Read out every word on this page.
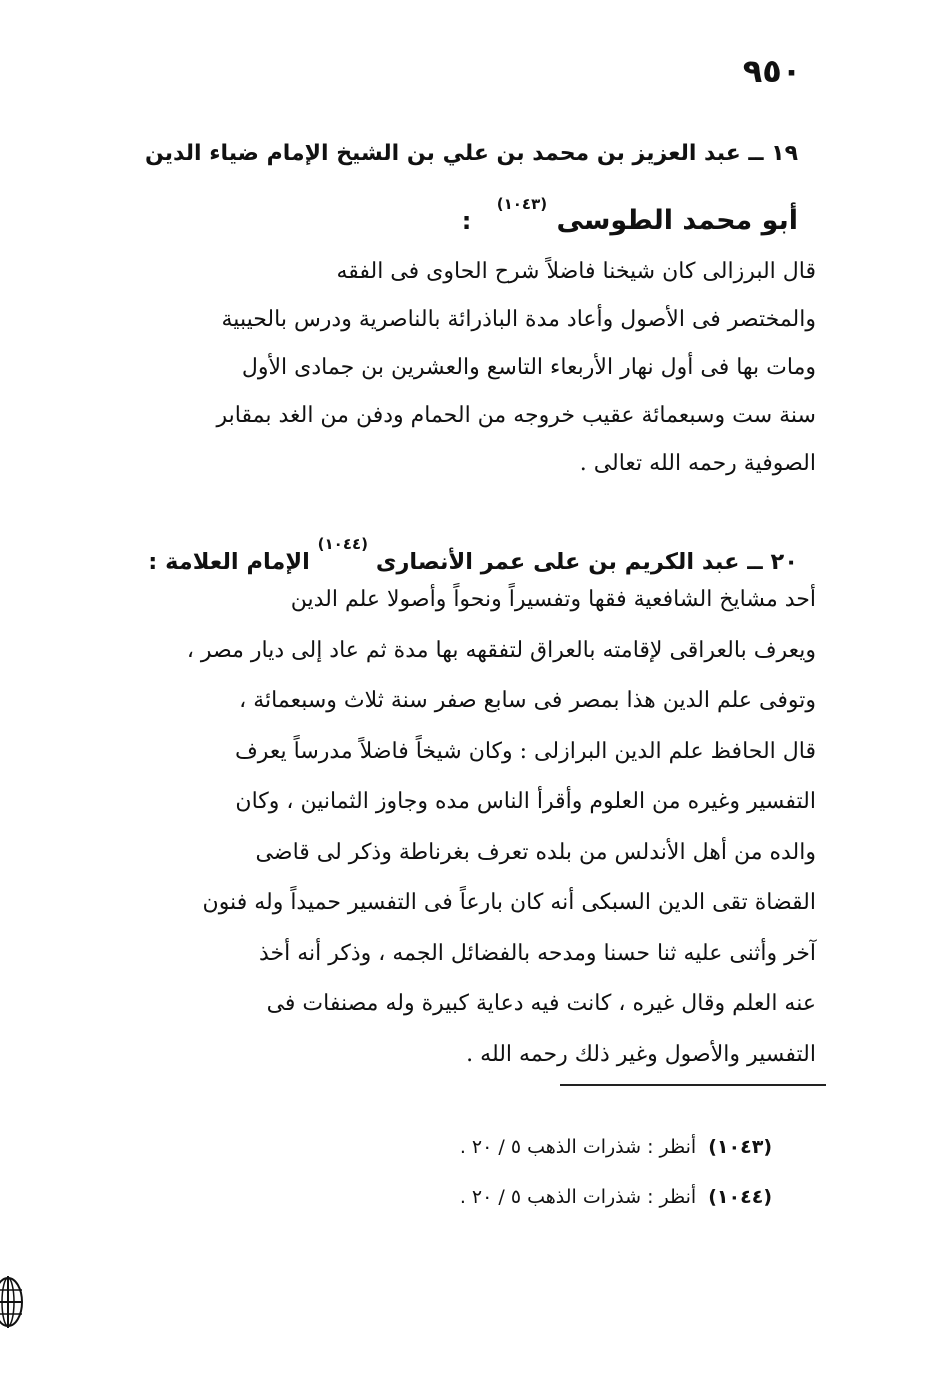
٩٥٠
١٩ ــ عبد العزيز بن محمد بن علي بن الشيخ الإمام ضياء الدين
أبو محمد الطوسى (١٠٤٣) :
قال البرزالى كان شيخنا فاضلاً شرح الحاوى فى الفقه
والمختصر فى الأصول وأعاد مدة الباذرائة بالناصرية ودرس بالحيبية
ومات بها فى أول نهار الأربعاء التاسع والعشرين بن جمادى الأول
سنة ست وسبعمائة عقيب خروجه من الحمام ودفن من الغد بمقابر
الصوفية رحمه الله تعالى .
٢٠ ــ عبد الكريم بن على عمر الأنصارى (١٠٤٤) الإمام العلامة :
أحد مشايخ الشافعية فقها وتفسيراً ونحواً وأصولا علم الدين
ويعرف بالعراقى لإقامته بالعراق لتفقهه بها مدة ثم عاد إلى ديار مصر ،
وتوفى علم الدين هذا بمصر فى سابع صفر سنة ثلاث وسبعمائة ،
قال الحافظ علم الدين البرازلى : وكان شيخاً فاضلاً مدرساً يعرف
التفسير وغيره من العلوم وأقرأ الناس مده وجاوز الثمانين ، وكان
والده من أهل الأندلس من بلده تعرف بغرناطة وذكر لى قاضى
القضاة تقى الدين السبكى أنه كان بارعاً فى التفسير حميداً وله فنون
آخر وأثنى عليه ثنا حسنا ومدحه بالفضائل الجمه ، وذكر أنه أخذ
عنه العلم وقال غيره ، كانت فيه دعاية كبيرة وله مصنفات فى
التفسير والأصول وغير ذلك رحمه الله .
(١٠٤٣) أنظر : شذرات الذهب ٥ / ٢٠ .
(١٠٤٤) أنظر : شذرات الذهب ٥ / ٢٠ .
